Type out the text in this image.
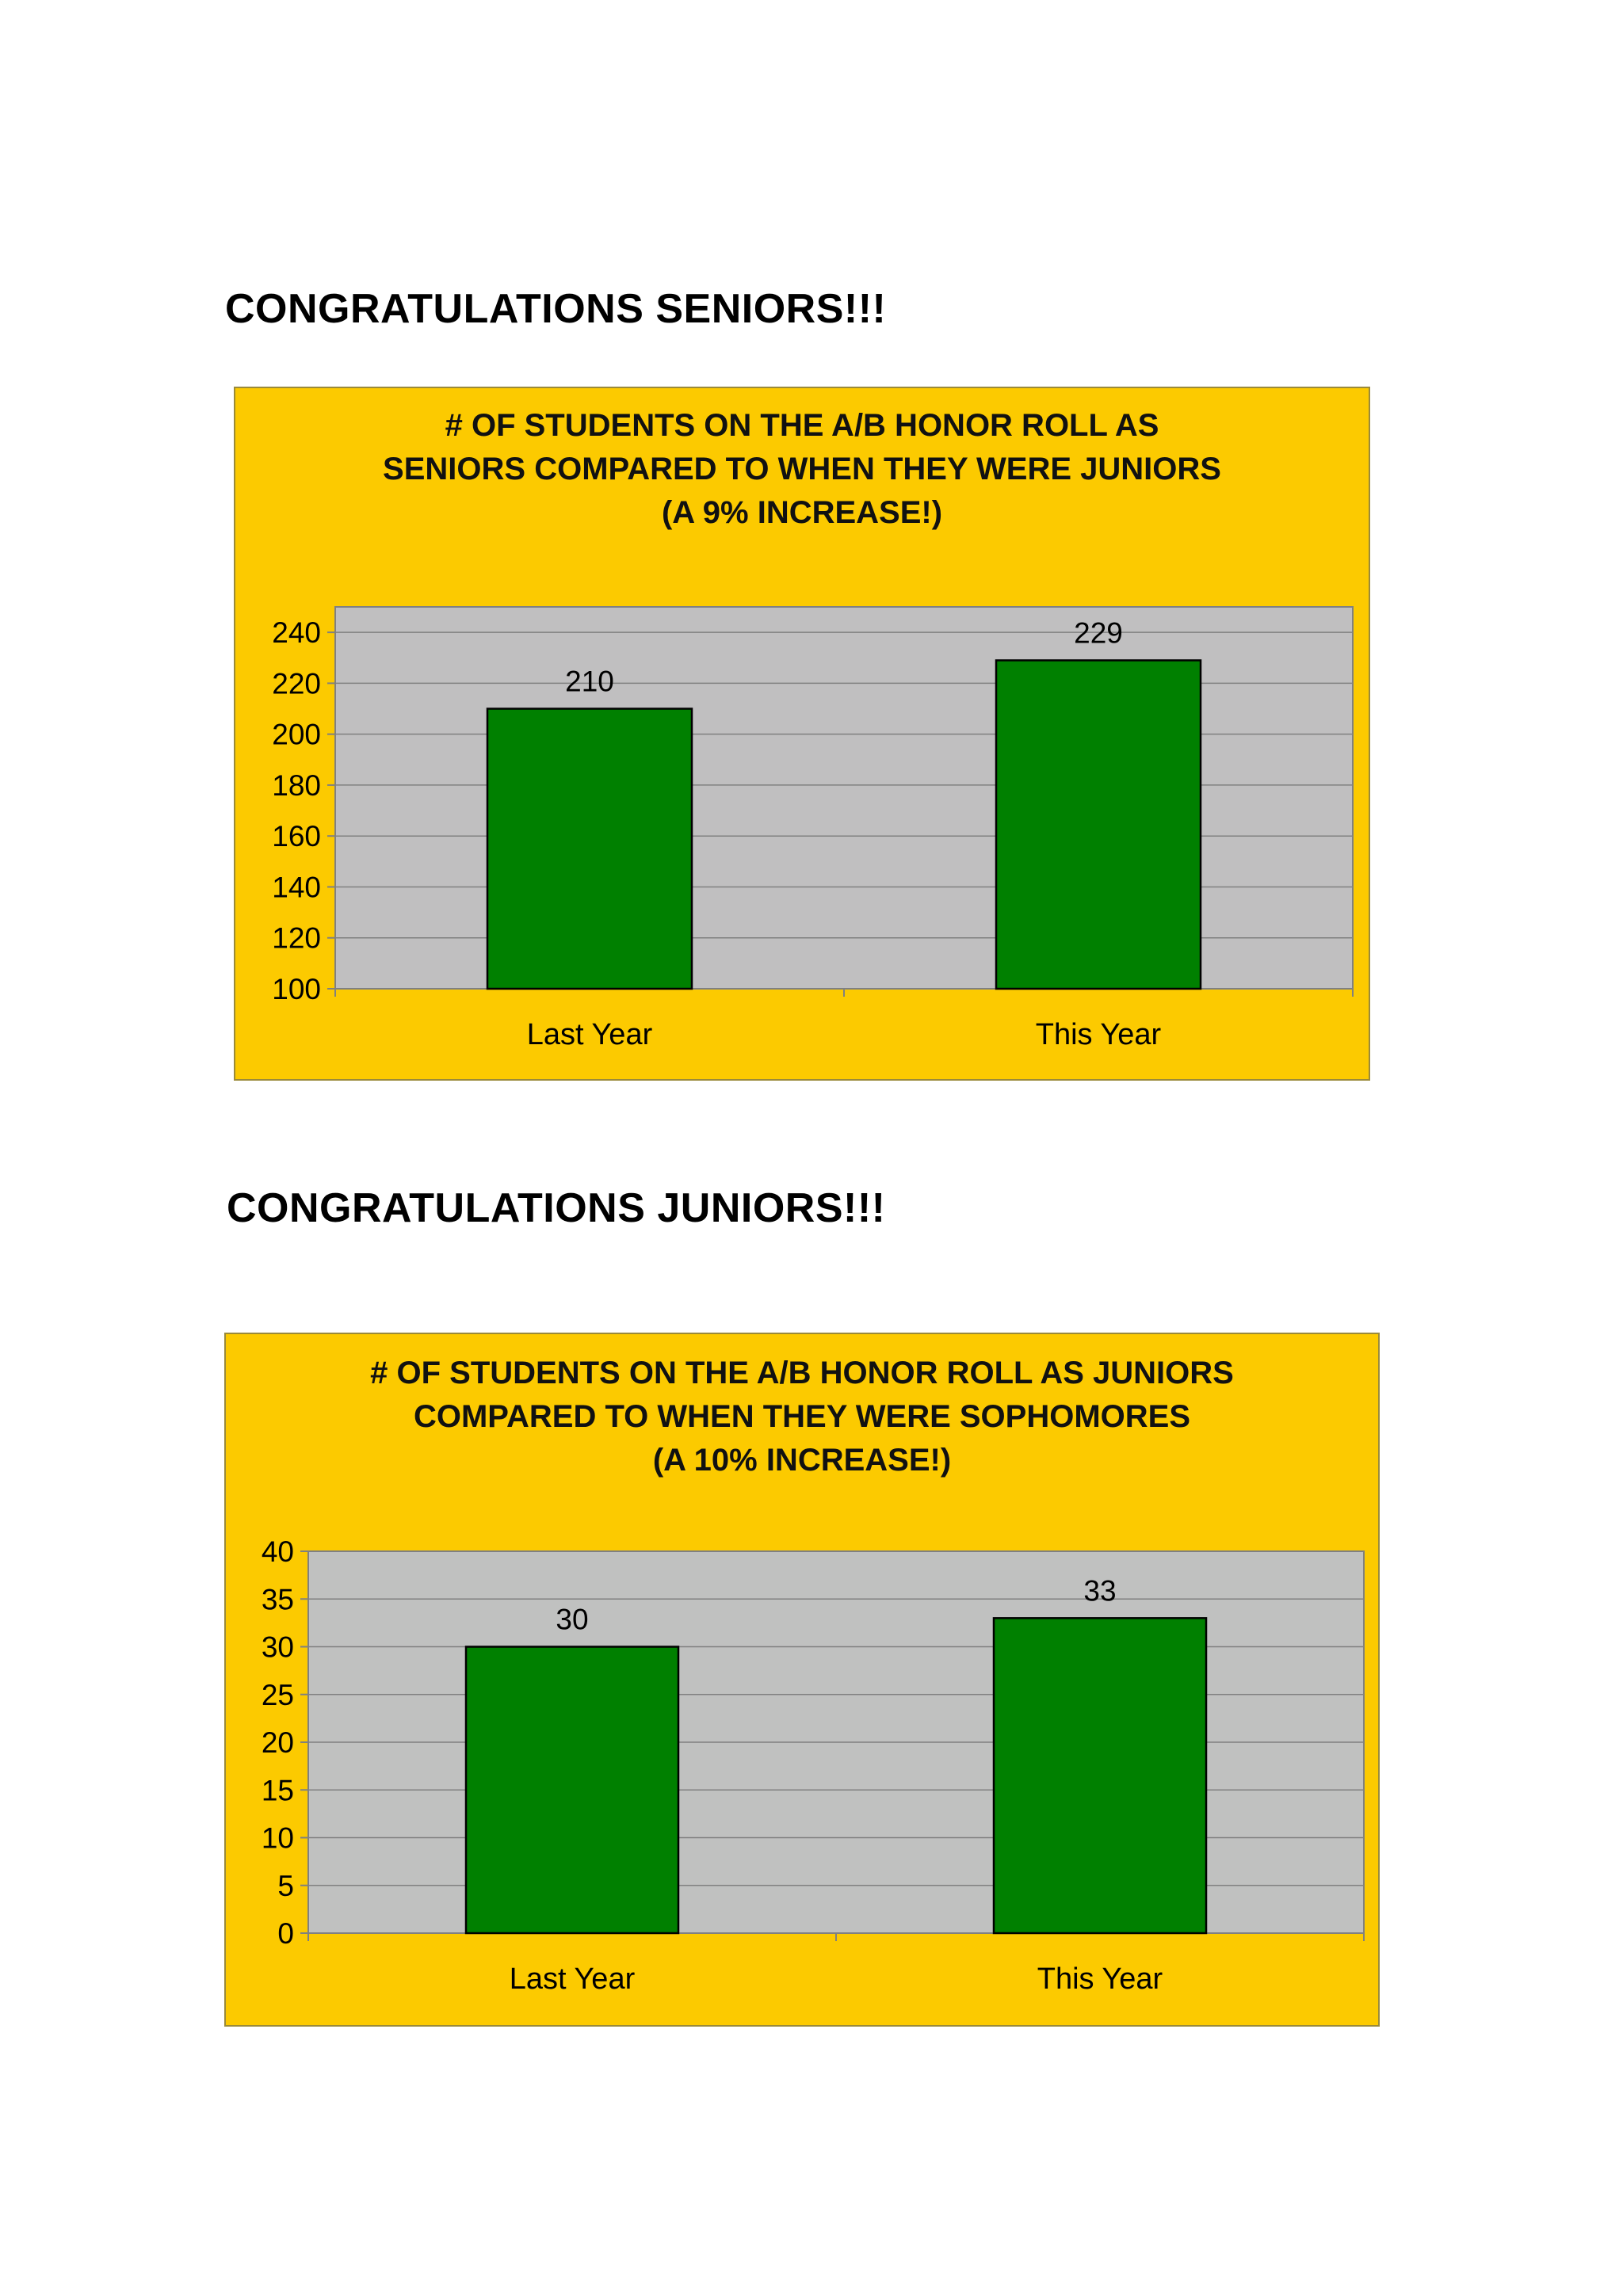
CONGRATULATIONS SENIORS!!!
# OF STUDENTS ON THE A/B HONOR ROLL AS
SENIORS COMPARED TO WHEN THEY WERE JUNIORS
(A 9% INCREASE!)
100
120
140
160
180
200
220
240
210
Last Year
229
This Year
CONGRATULATIONS JUNIORS!!!
# OF STUDENTS ON THE A/B HONOR ROLL AS JUNIORS
COMPARED TO WHEN THEY WERE SOPHOMORES
(A 10% INCREASE!)
0
5
10
15
20
25
30
35
40
30
Last Year
33
This Year
